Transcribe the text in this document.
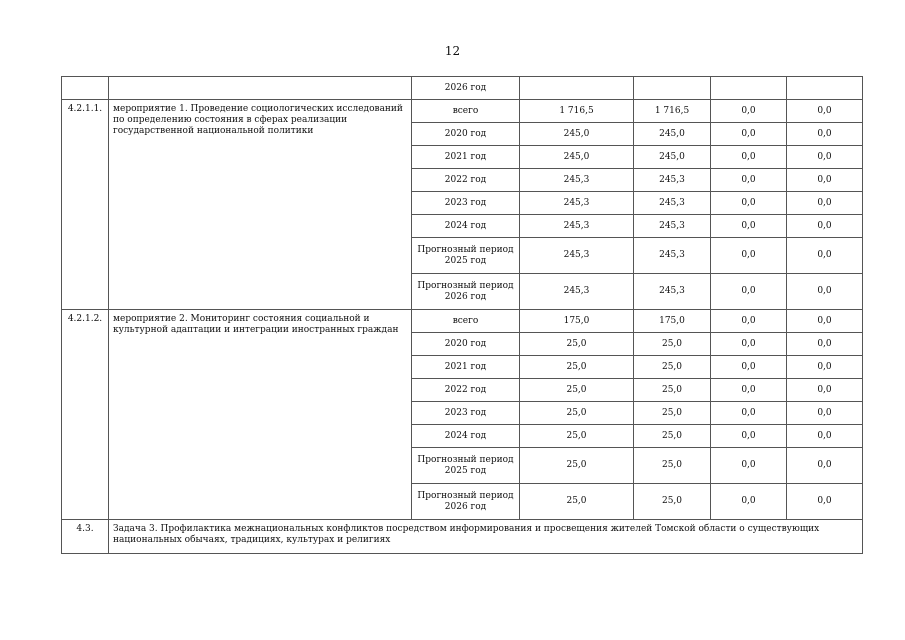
12
		2026 год				
4.2.1.1.	мероприятие 1. Проведение социологических исследований по определению состояния в сферах реализации государственной национальной политики	всего	1 716,5	1 716,5	0,0	0,0
		2020 год	245,0	245,0	0,0	0,0
		2021 год	245,0	245,0	0,0	0,0
		2022 год	245,3	245,3	0,0	0,0
		2023 год	245,3	245,3	0,0	0,0
		2024 год	245,3	245,3	0,0	0,0
		Прогнозный период 2025 год	245,3	245,3	0,0	0,0
		Прогнозный период 2026 год	245,3	245,3	0,0	0,0
4.2.1.2.	мероприятие 2. Мониторинг состояния социальной и культурной адаптации и интеграции иностранных граждан	всего	175,0	175,0	0,0	0,0
		2020 год	25,0	25,0	0,0	0,0
		2021 год	25,0	25,0	0,0	0,0
		2022 год	25,0	25,0	0,0	0,0
		2023 год	25,0	25,0	0,0	0,0
		2024 год	25,0	25,0	0,0	0,0
		Прогнозный период 2025 год	25,0	25,0	0,0	0,0
		Прогнозный период 2026 год	25,0	25,0	0,0	0,0
4.3.	Задача 3. Профилактика межнациональных конфликтов посредством информирования и просвещения жителей Томской области о существующих национальных обычаях, традициях, культурах и религиях					
